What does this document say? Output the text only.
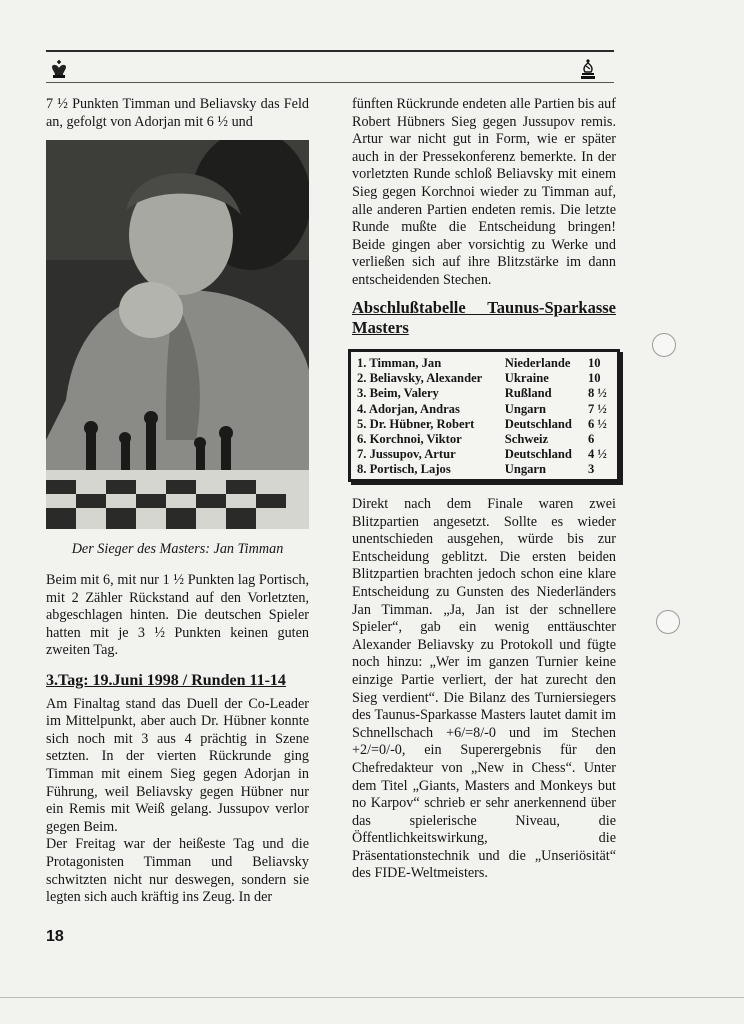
7 ½ Punkten Timman und Beliavsky das Feld an, gefolgt von Adorjan mit 6 ½ und

Der Sieger des Masters: Jan Timman

Beim mit 6, mit nur 1 ½ Punkten lag Portisch, mit 2 Zähler Rückstand auf den Vorletzten, abgeschlagen hinten. Die deutschen Spieler hatten mit je 3 ½ Punkten keinen guten zweiten Tag.

3.Tag: 19.Juni 1998 / Runden 11-14

Am Finaltag stand das Duell der Co-Leader im Mittelpunkt, aber auch Dr. Hübner konnte sich noch mit 3 aus 4 prächtig in Szene setzten. In der vierten Rückrunde ging Timman mit einem Sieg gegen Adorjan in Führung, weil Beliavsky gegen Hübner nur ein Remis mit Weiß gelang. Jussupov verlor gegen Beim.

Der Freitag war der heißeste Tag und die Protagonisten Timman und Beliavsky schwitzten nicht nur deswegen, sondern sie legten sich auch kräftig ins Zeug. In der

fünften Rückrunde endeten alle Partien bis auf Robert Hübners Sieg gegen Jussupov remis. Artur war nicht gut in Form, wie er später auch in der Pressekonferenz bemerkte. In der vorletzten Runde schloß Beliavsky mit einem Sieg gegen Korchnoi wieder zu Timman auf, alle anderen Partien endeten remis. Die letzte Runde mußte die Entscheidung bringen! Beide gingen aber vorsichtig zu Werke und verließen sich auf ihre Blitzstärke im dann entscheidenden Stechen.

Abschlußtabelle Taunus-Sparkasse Masters
1. Timman, Jan	Niederlande	10
2. Beliavsky, Alexander	Ukraine	10
3. Beim, Valery	Rußland	8 ½
4. Adorjan, Andras	Ungarn	7 ½
5. Dr. Hübner, Robert	Deutschland	6 ½
6. Korchnoi, Viktor	Schweiz	6
7. Jussupov, Artur	Deutschland	4 ½
8. Portisch, Lajos	Ungarn	3

Direkt nach dem Finale waren zwei Blitzpartien angesetzt. Sollte es wieder unentschieden ausgehen, würde bis zur Entscheidung geblitzt. Die ersten beiden Blitzpartien brachten jedoch schon eine klare Entscheidung zu Gunsten des Niederländers Jan Timman. „Ja, Jan ist der schnellere Spieler“, gab ein wenig enttäuschter Alexander Beliavsky zu Protokoll und fügte noch hinzu: „Wer im ganzen Turnier keine einzige Partie verliert, der hat zurecht den Sieg verdient“. Die Bilanz des Turniersiegers des Taunus-Sparkasse Masters lautet damit im Schnellschach +6/=8/-0 und im Stechen +2/=0/-0, ein Superergebnis für den Chefredakteur von „New in Chess“. Unter dem Titel „Giants, Masters and Monkeys but no Karpov“ schrieb er sehr anerkennend über das spielerische Niveau, die Öffentlichkeitswirkung, die Präsentationstechnik und die „Unseriösität“ des FIDE-Weltmeisters.

18
